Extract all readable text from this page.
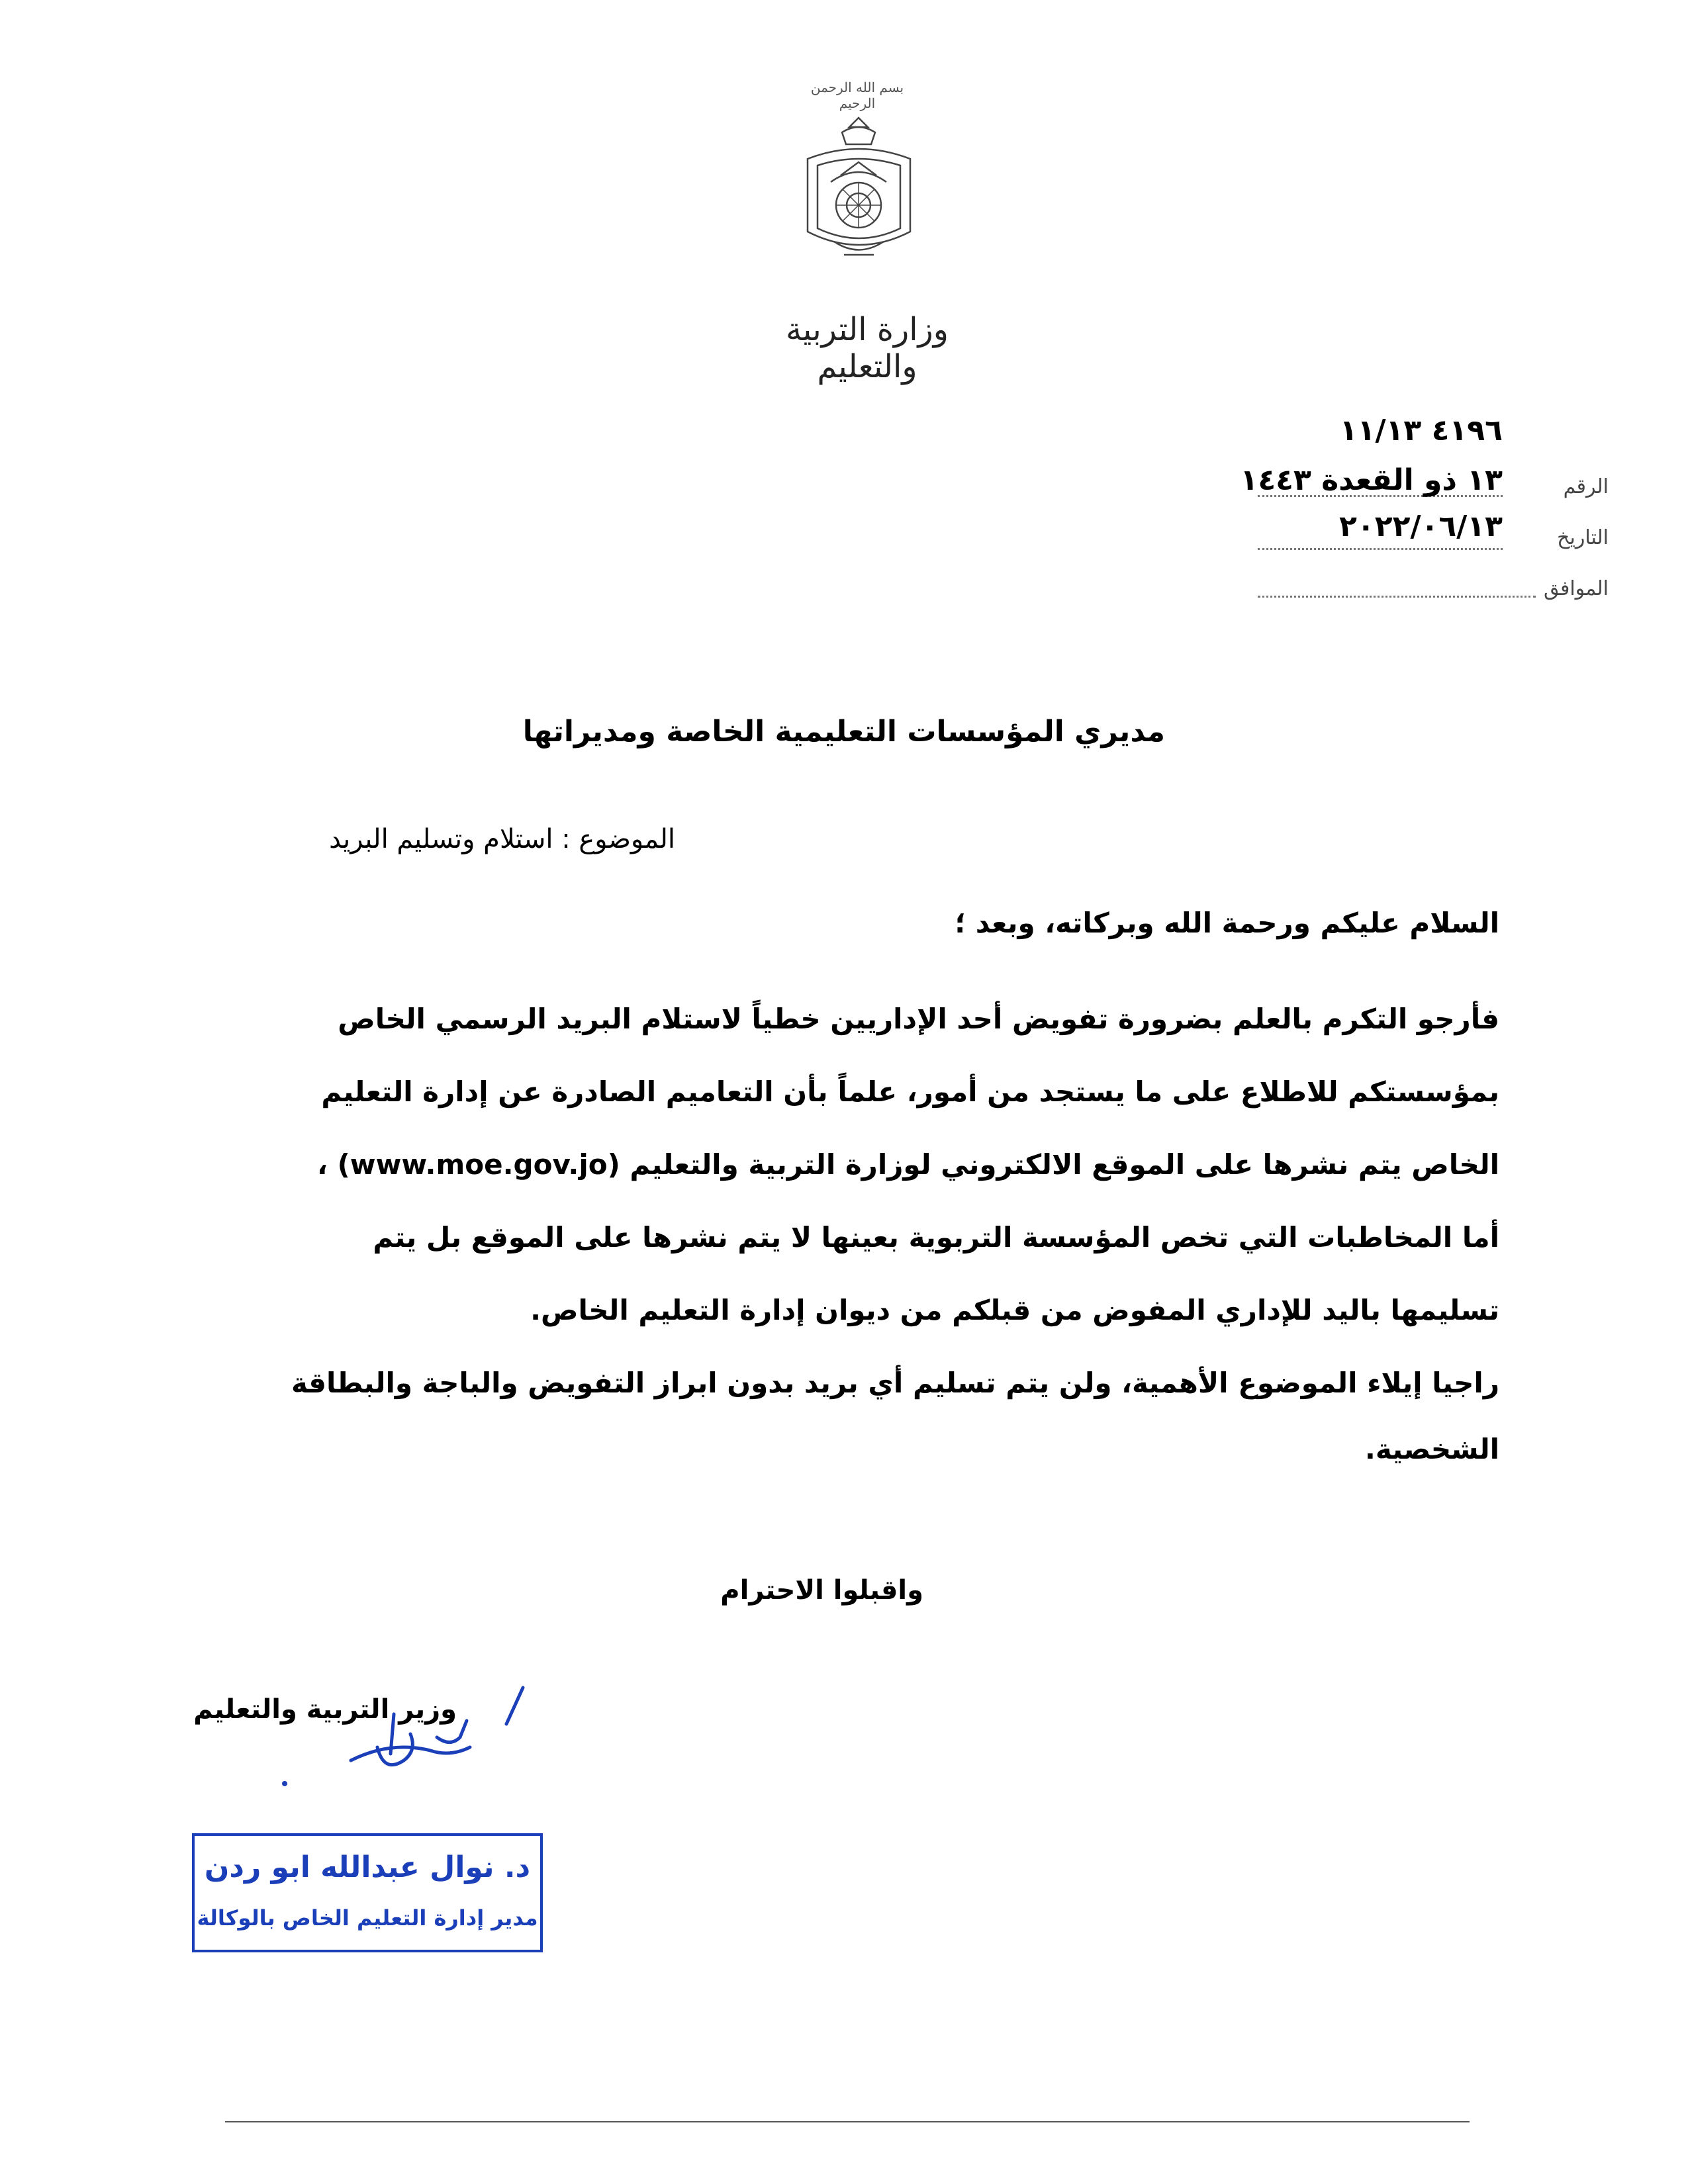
بسم الله الرحمن الرحيم
وزارة التربية والتعليم
٤١٩٦ ١١/١٣
الرقم
١٣ ذو القعدة ١٤٤٣
التاريخ
٢٠٢٢/٠٦/١٣
الموافق
مديري المؤسسات التعليمية الخاصة ومديراتها
الموضوع : استلام وتسليم البريد
السلام عليكم ورحمة الله وبركاته، وبعد ؛
فأرجو التكرم بالعلم بضرورة تفويض أحد الإداريين خطياً لاستلام البريد الرسمي الخاص
بمؤسستكم للاطلاع على ما يستجد من أمور، علماً بأن التعاميم الصادرة عن إدارة التعليم
الخاص يتم نشرها على الموقع الالكتروني لوزارة التربية والتعليم (www.moe.gov.jo) ،
أما المخاطبات التي تخص المؤسسة التربوية بعينها لا يتم نشرها على الموقع بل يتم
تسليمها باليد للإداري المفوض من قبلكم من ديوان إدارة التعليم الخاص.
راجيا إيلاء الموضوع الأهمية، ولن يتم تسليم أي بريد بدون ابراز التفويض والباجة والبطاقة
الشخصية.
واقبلوا الاحترام
وزير التربية والتعليم
د. نوال عبدالله ابو ردن
مدير إدارة التعليم الخاص بالوكالة
